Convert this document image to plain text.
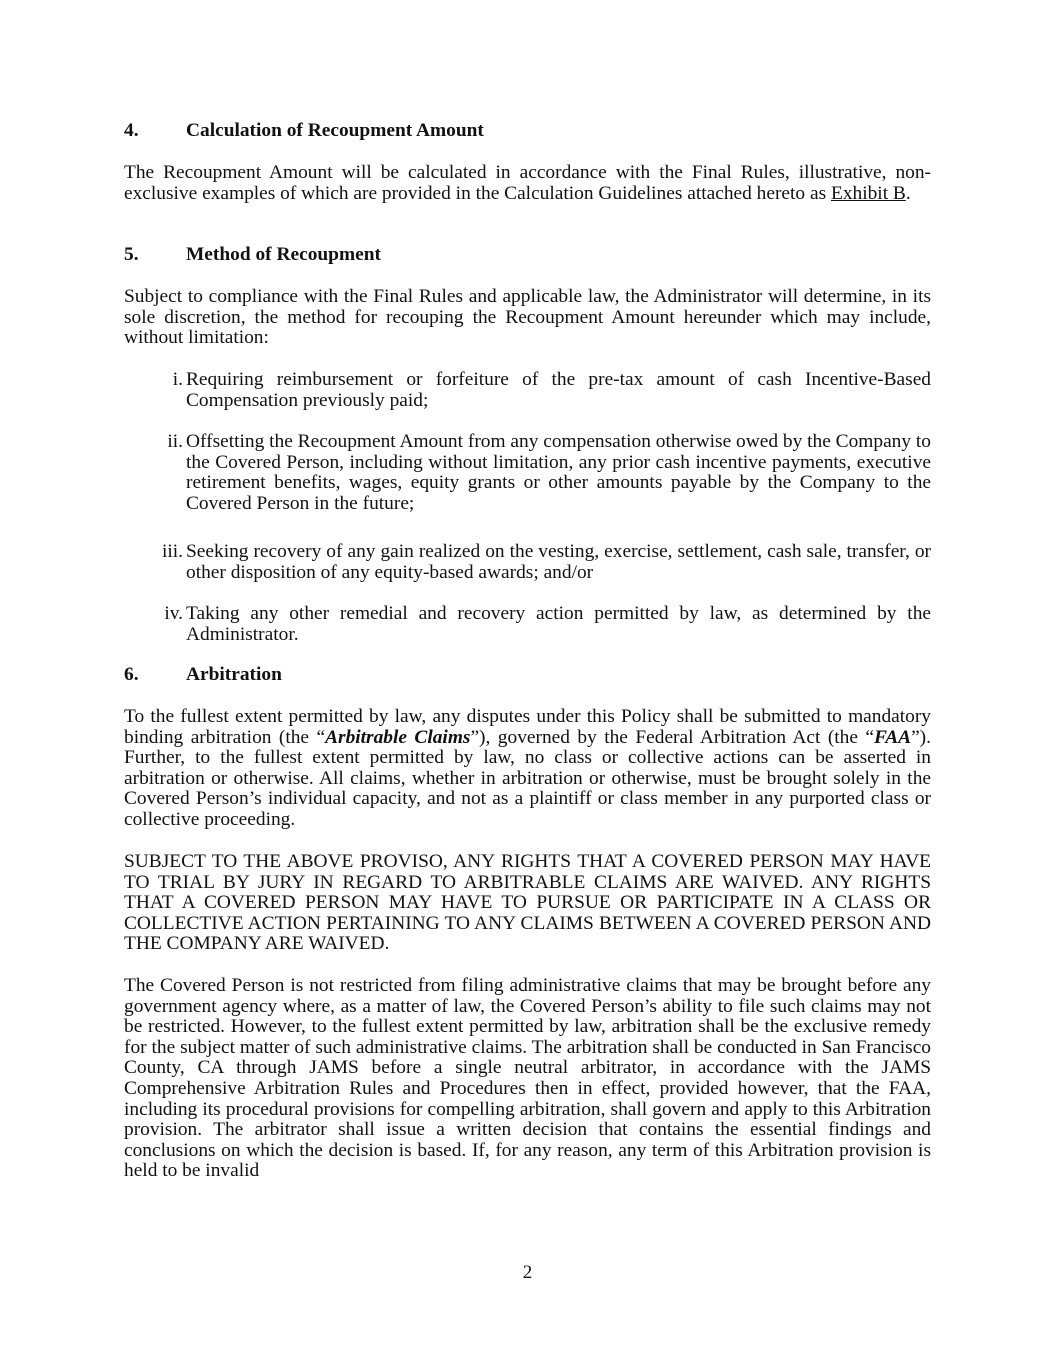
4. Calculation of Recoupment Amount

The Recoupment Amount will be calculated in accordance with the Final Rules, illustrative, non-exclusive examples of which are provided in the Calculation Guidelines attached hereto as Exhibit B.

5. Method of Recoupment

Subject to compliance with the Final Rules and applicable law, the Administrator will determine, in its sole discretion, the method for recouping the Recoupment Amount hereunder which may include, without limitation:

i. Requiring reimbursement or forfeiture of the pre-tax amount of cash Incentive-Based Compensation previously paid;

ii. Offsetting the Recoupment Amount from any compensation otherwise owed by the Company to the Covered Person, including without limitation, any prior cash incentive payments, executive retirement benefits, wages, equity grants or other amounts payable by the Company to the Covered Person in the future;

iii. Seeking recovery of any gain realized on the vesting, exercise, settlement, cash sale, transfer, or other disposition of any equity-based awards; and/or

iv. Taking any other remedial and recovery action permitted by law, as determined by the Administrator.

6. Arbitration

To the fullest extent permitted by law, any disputes under this Policy shall be submitted to mandatory binding arbitration (the “Arbitrable Claims”), governed by the Federal Arbitration Act (the “FAA”). Further, to the fullest extent permitted by law, no class or collective actions can be asserted in arbitration or otherwise. All claims, whether in arbitration or otherwise, must be brought solely in the Covered Person’s individual capacity, and not as a plaintiff or class member in any purported class or collective proceeding.

SUBJECT TO THE ABOVE PROVISO, ANY RIGHTS THAT A COVERED PERSON MAY HAVE TO TRIAL BY JURY IN REGARD TO ARBITRABLE CLAIMS ARE WAIVED. ANY RIGHTS THAT A COVERED PERSON MAY HAVE TO PURSUE OR PARTICIPATE IN A CLASS OR COLLECTIVE ACTION PERTAINING TO ANY CLAIMS BETWEEN A COVERED PERSON AND THE COMPANY ARE WAIVED.

The Covered Person is not restricted from filing administrative claims that may be brought before any government agency where, as a matter of law, the Covered Person’s ability to file such claims may not be restricted. However, to the fullest extent permitted by law, arbitration shall be the exclusive remedy for the subject matter of such administrative claims. The arbitration shall be conducted in San Francisco County, CA through JAMS before a single neutral arbitrator, in accordance with the JAMS Comprehensive Arbitration Rules and Procedures then in effect, provided however, that the FAA, including its procedural provisions for compelling arbitration, shall govern and apply to this Arbitration provision. The arbitrator shall issue a written decision that contains the essential findings and conclusions on which the decision is based. If, for any reason, any term of this Arbitration provision is held to be invalid

2
